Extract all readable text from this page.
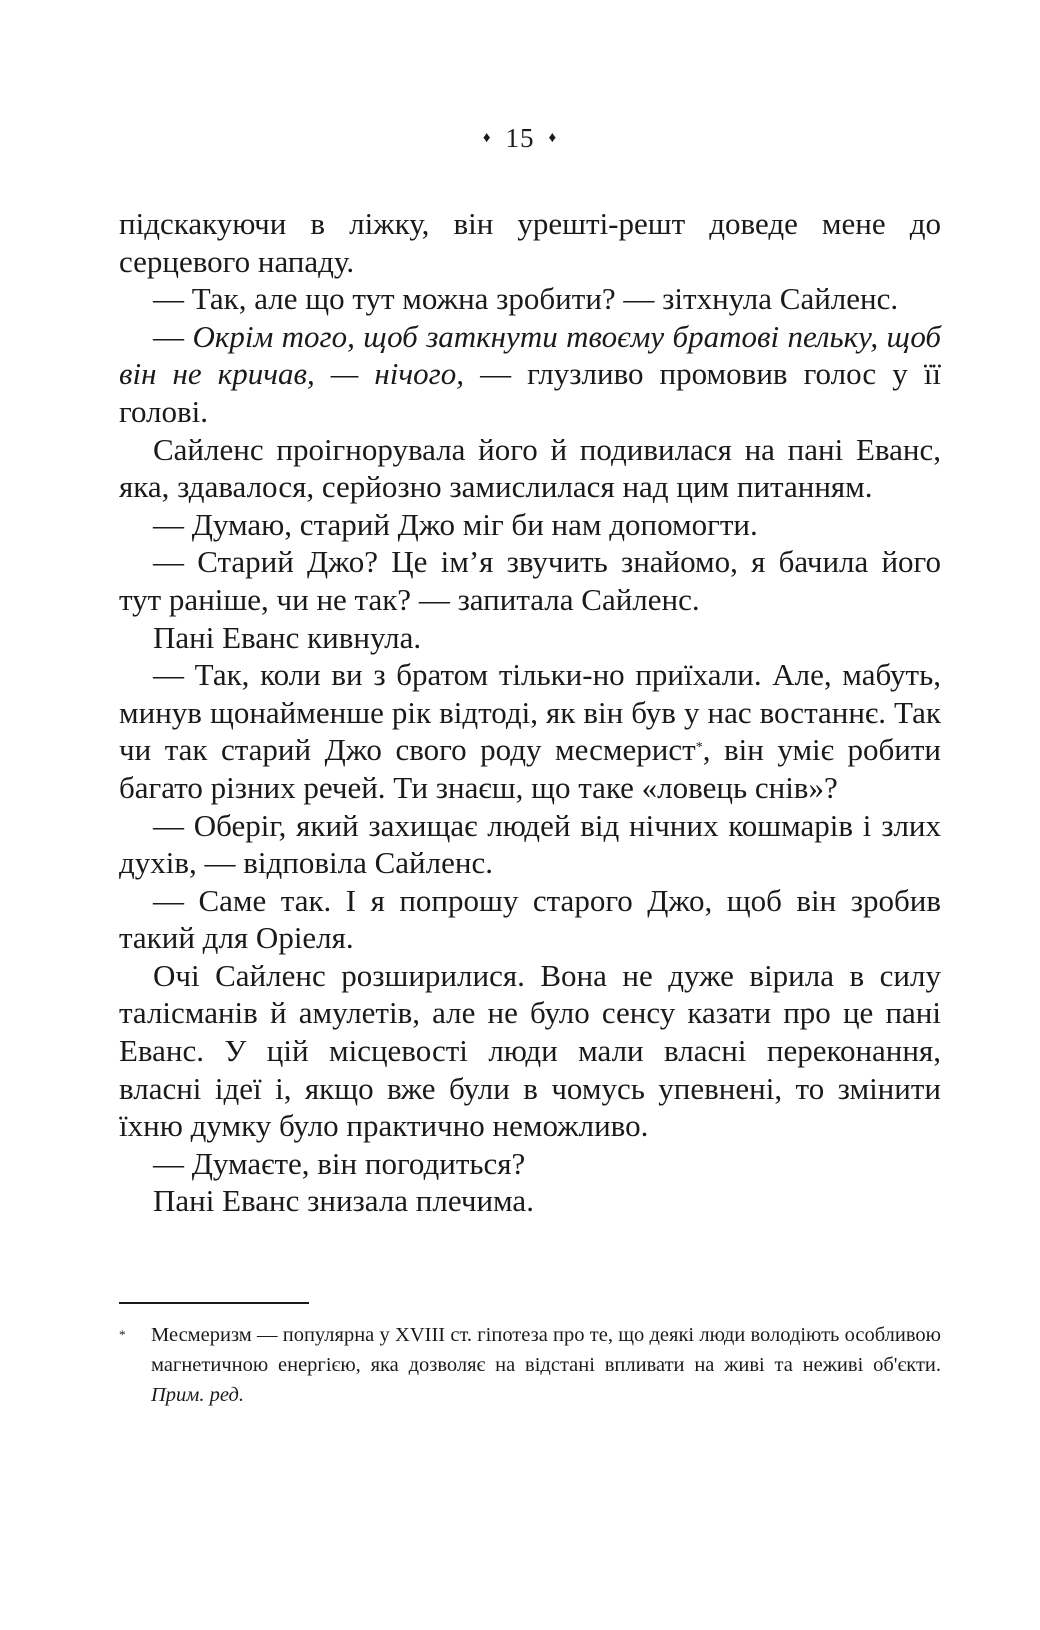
♦ 15 ♦

підскакуючи в ліжку, він урешті-решт доведе мене до серцевого нападу.

— Так, але що тут можна зробити? — зітхнула Сайленс.

— Окрім того, щоб заткнути твоєму братові пельку, щоб він не кричав, — нічого, — глузливо промовив голос у її голові.

Сайленс проігнорувала його й подивилася на пані Еванс, яка, здавалося, серйозно замислилася над цим питанням.

— Думаю, старий Джо міг би нам допомогти.

— Старий Джо? Це ім’я звучить знайомо, я бачила його тут раніше, чи не так? — запитала Сайленс.

Пані Еванс кивнула.

— Так, коли ви з братом тільки-но приїхали. Але, мабуть, минув щонайменше рік відтоді, як він був у нас востаннє. Так чи так старий Джо свого роду месмерист*, він уміє робити багато різних речей. Ти знаєш, що таке «ловець снів»?

— Оберіг, який захищає людей від нічних кошмарів і злих духів, — відповіла Сайленс.

— Саме так. І я попрошу старого Джо, щоб він зробив такий для Оріеля.

Очі Сайленс розширилися. Вона не дуже вірила в силу талісманів й амулетів, але не було сенсу казати про це пані Еванс. У цій місцевості люди мали власні переконання, власні ідеї і, якщо вже були в чомусь упевнені, то змінити їхню думку було практично неможливо.

— Думаєте, він погодиться?

Пані Еванс знизала плечима.

* Месмеризм — популярна у XVIII ст. гіпотеза про те, що деякі люди володіють особливою магнетичною енергією, яка дозволяє на відстані впливати на живі та неживі об'єкти. Прим. ред.
